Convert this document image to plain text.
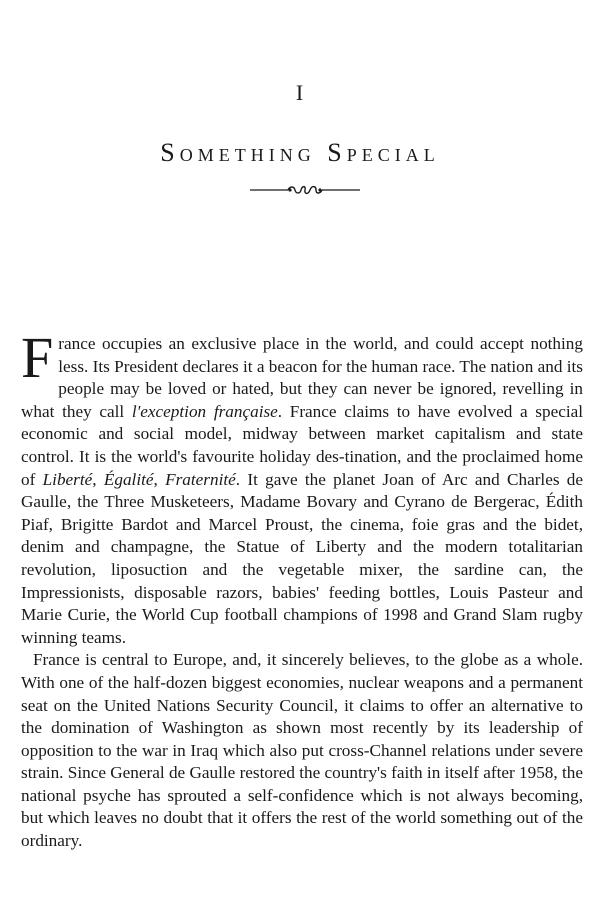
I
Something Special

France occupies an exclusive place in the world, and could accept nothing less. Its President declares it a beacon for the human race. The nation and its people may be loved or hated, but they can never be ignored, revelling in what they call l'exception française. France claims to have evolved a special economic and social model, midway between market capitalism and state control. It is the world's favourite holiday des-tination, and the proclaimed home of Liberté, Égalité, Fraternité. It gave the planet Joan of Arc and Charles de Gaulle, the Three Musketeers, Madame Bovary and Cyrano de Bergerac, Édith Piaf, Brigitte Bardot and Marcel Proust, the cinema, foie gras and the bidet, denim and champagne, the Statue of Liberty and the modern totalitarian revolution, liposuction and the vegetable mixer, the sardine can, the Impressionists, disposable razors, babies' feeding bottles, Louis Pasteur and Marie Curie, the World Cup football champions of 1998 and Grand Slam rugby winning teams.

France is central to Europe, and, it sincerely believes, to the globe as a whole. With one of the half-dozen biggest economies, nuclear weapons and a permanent seat on the United Nations Security Council, it claims to offer an alternative to the domination of Washington as shown most recently by its leadership of opposition to the war in Iraq which also put cross-Channel relations under severe strain. Since General de Gaulle restored the country's faith in itself after 1958, the national psyche has sprouted a self-confidence which is not always becoming, but which leaves no doubt that it offers the rest of the world something out of the ordinary.
